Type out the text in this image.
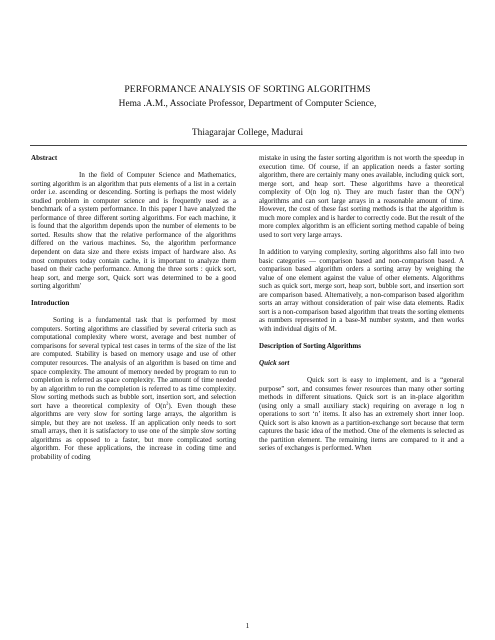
PERFORMANCE ANALYSIS OF SORTING ALGORITHMS
Hema .A.M., Associate Professor, Department of Computer Science,
Thiagarajar College, Madurai

Abstract

In the field of Computer Science and Mathematics, sorting algorithm is an algorithm that puts elements of a list in a certain order i.e. ascending or descending. Sorting is perhaps the most widely studied problem in computer science and is frequently used as a benchmark of a system performance. In this paper I have analyzed the performance of three different sorting algorithms. For each machine, it is found that the algorithm depends upon the number of elements to be sorted. Results show that the relative performance of the algorithms differed on the various machines. So, the algorithm performance dependent on data size and there exists impact of hardware also. As most computers today contain cache, it is important to analyze them based on their cache performance. Among the three sorts : quick sort, heap sort, and merge sort, Quick sort was determined to be a good sorting algorithm'

Introduction

Sorting is a fundamental task that is performed by most computers. Sorting algorithms are classified by several criteria such as computational complexity where worst, average and best number of comparisons for several typical test cases in terms of the size of the list are computed. Stability is based on memory usage and use of other computer resources. The analysis of an algorithm is based on time and space complexity. The amount of memory needed by program to run to completion is referred as space complexity. The amount of time needed by an algorithm to run the completion is referred to as time complexity. Slow sorting methods such as bubble sort, insertion sort, and selection sort have a theoretical complexity of $O(n^2)$. Even though these algorithms are very slow for sorting large arrays, the algorithm is simple, but they are not useless. If an application only needs to sort small arrays, then it is satisfactory to use one of the simple slow sorting algorithms as opposed to a faster, but more complicated sorting algorithm. For these applications, the increase in coding time and probability of coding

mistake in using the faster sorting algorithm is not worth the speedup in execution time. Of course, if an application needs a faster sorting algorithm, there are certainly many ones available, including quick sort, merge sort, and heap sort. These algorithms have a theoretical complexity of O(n log n). They are much faster than the $O(N^2)$ algorithms and can sort large arrays in a reasonable amount of time. However, the cost of these fast sorting methods is that the algorithm is much more complex and is harder to correctly code. But the result of the more complex algorithm is an efficient sorting method capable of being used to sort very large arrays.

In addition to varying complexity, sorting algorithms also fall into two basic categories — comparison based and non-comparison based. A comparison based algorithm orders a sorting array by weighing the value of one element against the value of other elements. Algorithms such as quick sort, merge sort, heap sort, bubble sort, and insertion sort are comparison based. Alternatively, a non-comparison based algorithm sorts an array without consideration of pair wise data elements. Radix sort is a non-comparison based algorithm that treats the sorting elements as numbers represented in a base-M number system, and then works with individual digits of M.

Description of Sorting Algorithms

Quick sort

Quick sort is easy to implement, and is a “general purpose” sort, and consumes fewer resources than many other sorting methods in different situations. Quick sort is an in-place algorithm (using only a small auxiliary stack) requiring on average n log n operations to sort ‘n’ items. It also has an extremely short inner loop. Quick sort is also known as a partition-exchange sort because that term captures the basic idea of the method. One of the elements is selected as the partition element. The remaining items are compared to it and a series of exchanges is performed. When

1
